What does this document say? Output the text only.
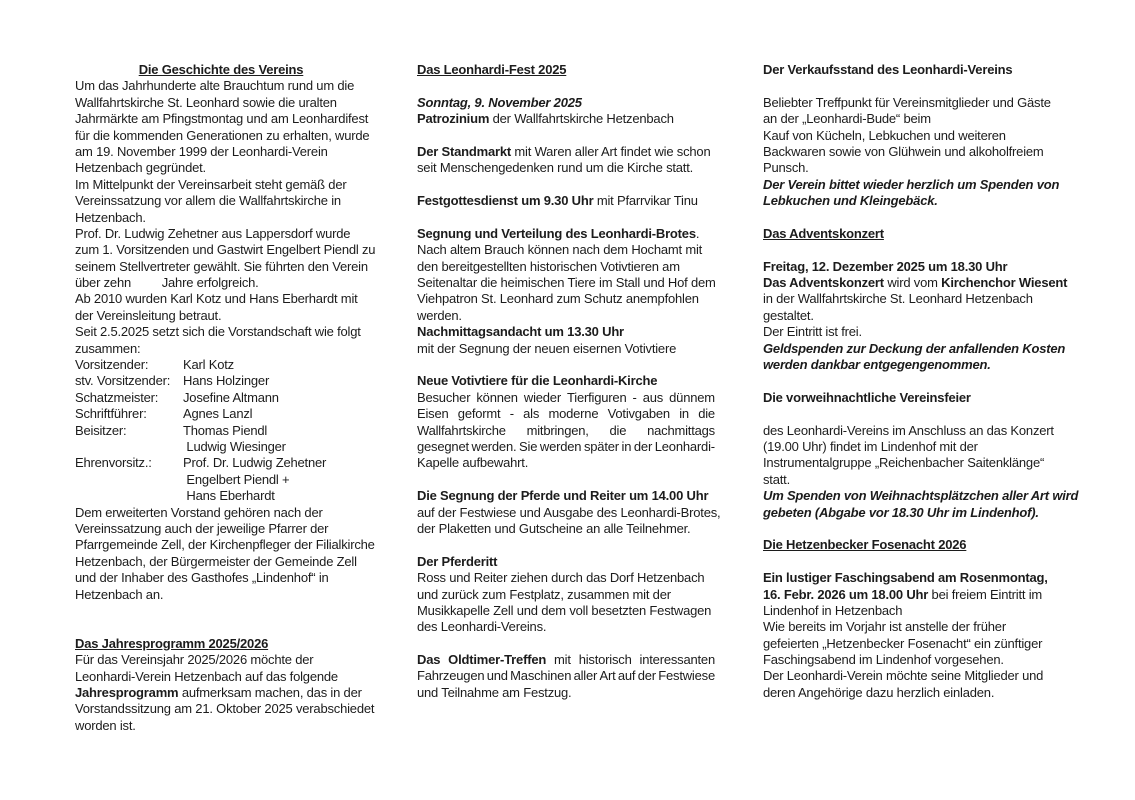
Die Geschichte des Vereins
Um das Jahrhunderte alte Brauchtum rund um die
Wallfahrtskirche St. Leonhard sowie die uralten
Jahrmärkte am Pfingstmontag und am Leonhardifest
für die kommenden Generationen zu erhalten, wurde
am 19. November 1999 der Leonhardi-Verein
Hetzenbach gegründet.
Im Mittelpunkt der Vereinsarbeit steht gemäß der
Vereinssatzung vor allem die Wallfahrtskirche in
Hetzenbach.
Prof. Dr. Ludwig Zehetner aus Lappersdorf wurde
zum 1. Vorsitzenden und Gastwirt Engelbert Piendl zu
seinem Stellvertreter gewählt. Sie führten den Verein
über zehn         Jahre erfolgreich.
Ab 2010 wurden Karl Kotz und Hans Eberhardt mit
der Vereinsleitung betraut.
Seit 2.5.2025 setzt sich die Vorstandschaft wie folgt
zusammen:
Vorsitzender:	Karl Kotz
stv. Vorsitzender: Hans Holzinger
Schatzmeister:	Josefine Altmann
Schriftführer:	Agnes Lanzl
Beisitzer:	Thomas Piendl
Ludwig Wiesinger
Ehrenvorsitz.:	Prof. Dr. Ludwig Zehetner
Engelbert Piendl +
Hans Eberhardt
Dem erweiterten Vorstand gehören nach der
Vereinssatzung auch der jeweilige Pfarrer der
Pfarrgemeinde Zell, der Kirchenpfleger der Filialkirche
Hetzenbach, der Bürgermeister der Gemeinde Zell
und der Inhaber des Gasthofes „Lindenhof“ in
Hetzenbach an.
Das Jahresprogramm 2025/2026
Für das Vereinsjahr 2025/2026 möchte der
Leonhardi-Verein Hetzenbach auf das folgende
Jahresprogramm aufmerksam machen, das in der
Vorstandssitzung am 21. Oktober 2025 verabschiedet
worden ist.
Das Leonhardi-Fest 2025
Sonntag, 9. November 2025
Patrozinium der Wallfahrtskirche Hetzenbach
Der Standmarkt mit Waren aller Art findet wie schon
seit Menschengedenken rund um die Kirche statt.
Festgottesdienst um 9.30 Uhr mit Pfarrvikar Tinu
Segnung und Verteilung des Leonhardi-Brotes.
Nach altem Brauch können nach dem Hochamt mit
den bereitgestellten historischen Votivtieren am
Seitenaltar die heimischen Tiere im Stall und Hof dem
Viehpatron St. Leonhard zum Schutz anempfohlen
werden.
Nachmittagsandacht um 13.30 Uhr
mit der Segnung der neuen eisernen Votivtiere
Neue Votivtiere für die Leonhardi-Kirche
Besucher können wieder Tierfiguren - aus dünnem
Eisen geformt - als moderne Votivgaben in die
Wallfahrtskirche mitbringen, die nachmittags
gesegnet werden. Sie werden später in der Leonhardi-
Kapelle aufbewahrt.
Die Segnung der Pferde und Reiter um 14.00 Uhr
auf der Festwiese und Ausgabe des Leonhardi-Brotes,
der Plaketten und Gutscheine an alle Teilnehmer.
Der Pferderitt
Ross und Reiter ziehen durch das Dorf Hetzenbach
und zurück zum Festplatz, zusammen mit der
Musikkapelle Zell und dem voll besetzten Festwagen
des Leonhardi-Vereins.
Das Oldtimer-Treffen mit historisch interessanten
Fahrzeugen und Maschinen aller Art auf der Festwiese
und Teilnahme am Festzug.
Der Verkaufsstand des Leonhardi-Vereins
Beliebter Treffpunkt für Vereinsmitglieder und Gäste
an der „Leonhardi-Bude“ beim
Kauf von Kücheln, Lebkuchen und weiteren
Backwaren sowie von Glühwein und alkoholfreiem
Punsch.
Der Verein bittet wieder herzlich um Spenden von
Lebkuchen und Kleingebäck.
Das Adventskonzert
Freitag, 12. Dezember 2025 um 18.30 Uhr
Das Adventskonzert wird vom Kirchenchor Wiesent
in der Wallfahrtskirche St. Leonhard Hetzenbach
gestaltet.
Der Eintritt ist frei.
Geldspenden zur Deckung der anfallenden Kosten
werden dankbar entgegengenommen.
Die vorweihnachtliche Vereinsfeier
des Leonhardi-Vereins im Anschluss an das Konzert
(19.00 Uhr) findet im Lindenhof mit der
Instrumentalgruppe „Reichenbacher Saitenklänge“
statt.
Um Spenden von Weihnachtsplätzchen aller Art wird
gebeten (Abgabe vor 18.30 Uhr im Lindenhof).
Die Hetzenbecker Fosenacht 2026
Ein lustiger Faschingsabend am Rosenmontag,
16. Febr. 2026 um 18.00 Uhr bei freiem Eintritt im
Lindenhof in Hetzenbach
Wie bereits im Vorjahr ist anstelle der früher
gefeierten „Hetzenbecker Fosenacht“ ein zünftiger
Faschingsabend im Lindenhof vorgesehen.
Der Leonhardi-Verein möchte seine Mitglieder und
deren Angehörige dazu herzlich einladen.
